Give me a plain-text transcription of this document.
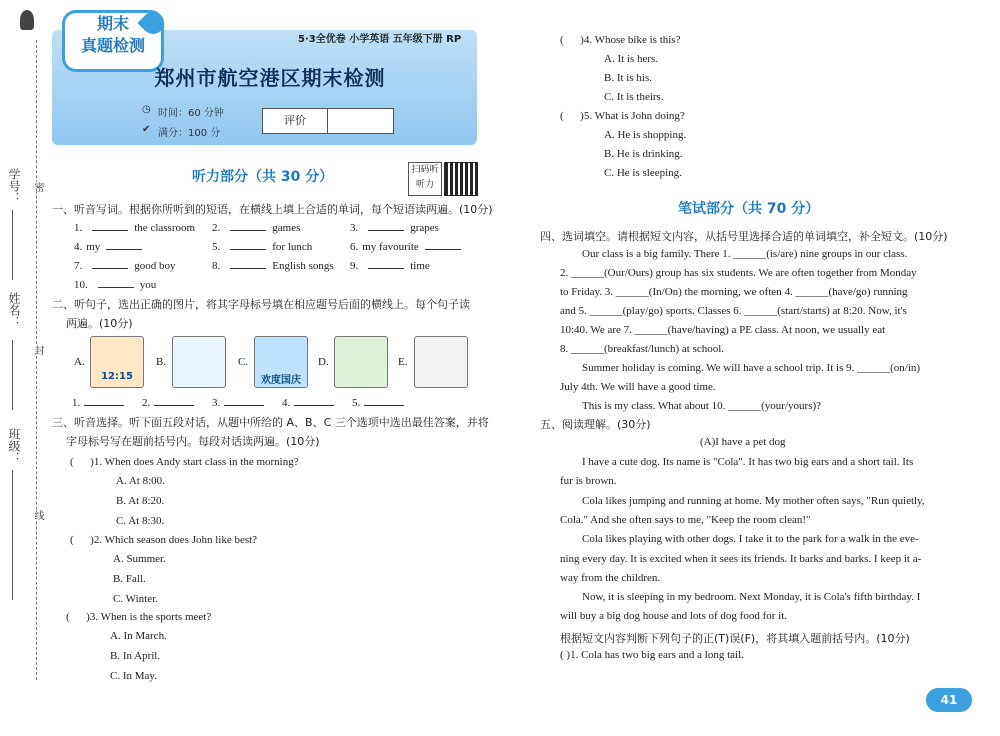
学号：
姓名：
班级：
密
封
线
期末
真题检测	5·3全优卷 小学英语 五年级下册 RP
郑州市航空港区期末检测
◷ 时间：60 分钟
✔ 满分：100 分
评价
听力部分（共 30 分）	扫码听听力
一、听音写词。根据你所听到的短语，在横线上填上合适的单词，每个短语读两遍。(10分)
1.	the classroom 2.	games	3.	grapes
4. my	5.	for lunch	6. my favourite
7.	good boy	8.	English songs 9.	time
10.	you
二、听句子，选出正确的图片，将其字母标号填在相应题号后面的横线上。每个句子读
两遍。(10分)
A.
12:15
B.	C.
欢度国庆
D.	E.
1.	2.	3.	4.	5.
三、听音选择。听下面五段对话，从题中所给的 A、B、C 三个选项中选出最佳答案，并将
字母标号写在题前括号内。每段对话读两遍。(10分)
(      )1. When does Andy start class in the morning?
A. At 8:00.
B. At 8:20.
C. At 8:30.
(      )2. Which season does John like best?
A. Summer.
B. Fall.
C. Winter.
(      )3. When is the sports meet?
A. In March.
B. In April.
C. In May.
(      )4. Whose bike is this?
A. It is hers.
B. It is his.
C. It is theirs.
(      )5. What is John doing?
A. He is shopping.
B. He is drinking.
C. He is sleeping.
笔试部分（共 70 分）
四、选词填空。请根据短文内容，从括号里选择合适的单词填空，补全短文。(10分)
Our class is a big family. There 1. ______(is/are) nine groups in our class.
2. ______(Our/Ours) group has six students. We are often together from Monday
to Friday. 3. ______(In/On) the morning, we often 4. ______(have/go) running
and 5. ______(play/go) sports. Classes 6. ______(start/starts) at 8:20. Now, it's
10:40. We are 7. ______(have/having) a PE class. At noon, we usually eat
8. ______(breakfast/lunch) at school.
Summer holiday is coming. We will have a school trip. It is 9. ______(on/in)
July 4th. We will have a good time.
This is my class. What about 10. ______(your/yours)?
五、阅读理解。(30分)
(A)I have a pet dog
I have a cute dog. Its name is "Cola". It has two big ears and a short tail. Its
fur is brown.
Cola likes jumping and running at home. My mother often says, "Run quietly,
Cola." And she often says to me, "Keep the room clean!"
Cola likes playing with other dogs. I take it to the park for a walk in the eve-
ning every day. It is excited when it sees its friends. It barks and barks. I keep it a-
way from the children.
Now, it is sleeping in my bedroom. Next Monday, it is Cola's fifth birthday. I
will buy a big dog house and lots of dog food for it.
根据短文内容判断下列句子的正(T)误(F)，将其填入题前括号内。(10分)
( )1. Cola has two big ears and a long tail.
41
